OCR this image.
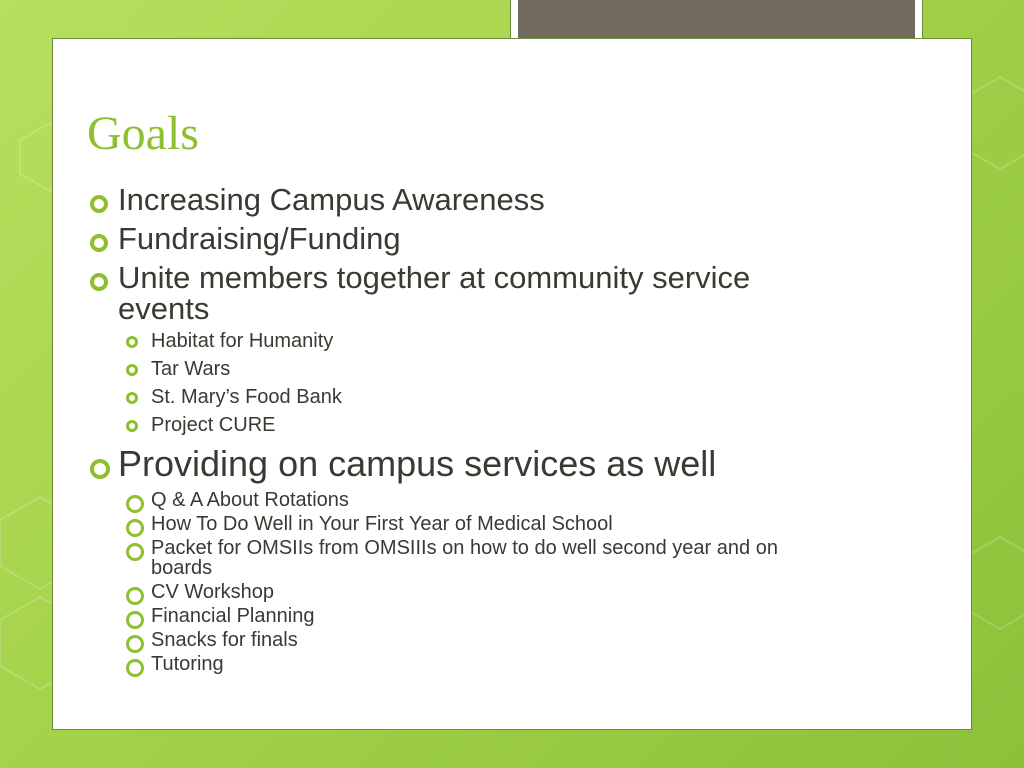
Goals
Increasing Campus Awareness
Fundraising/Funding
Unite members together at community service events
Habitat for Humanity
Tar Wars
St. Mary’s Food Bank
Project CURE
Providing on campus services as well
Q & A About Rotations
How To Do Well in Your First Year of Medical School
Packet for OMSIIs from OMSIIIs on how to do well second year and on boards
CV Workshop
Financial Planning
Snacks for finals
Tutoring
